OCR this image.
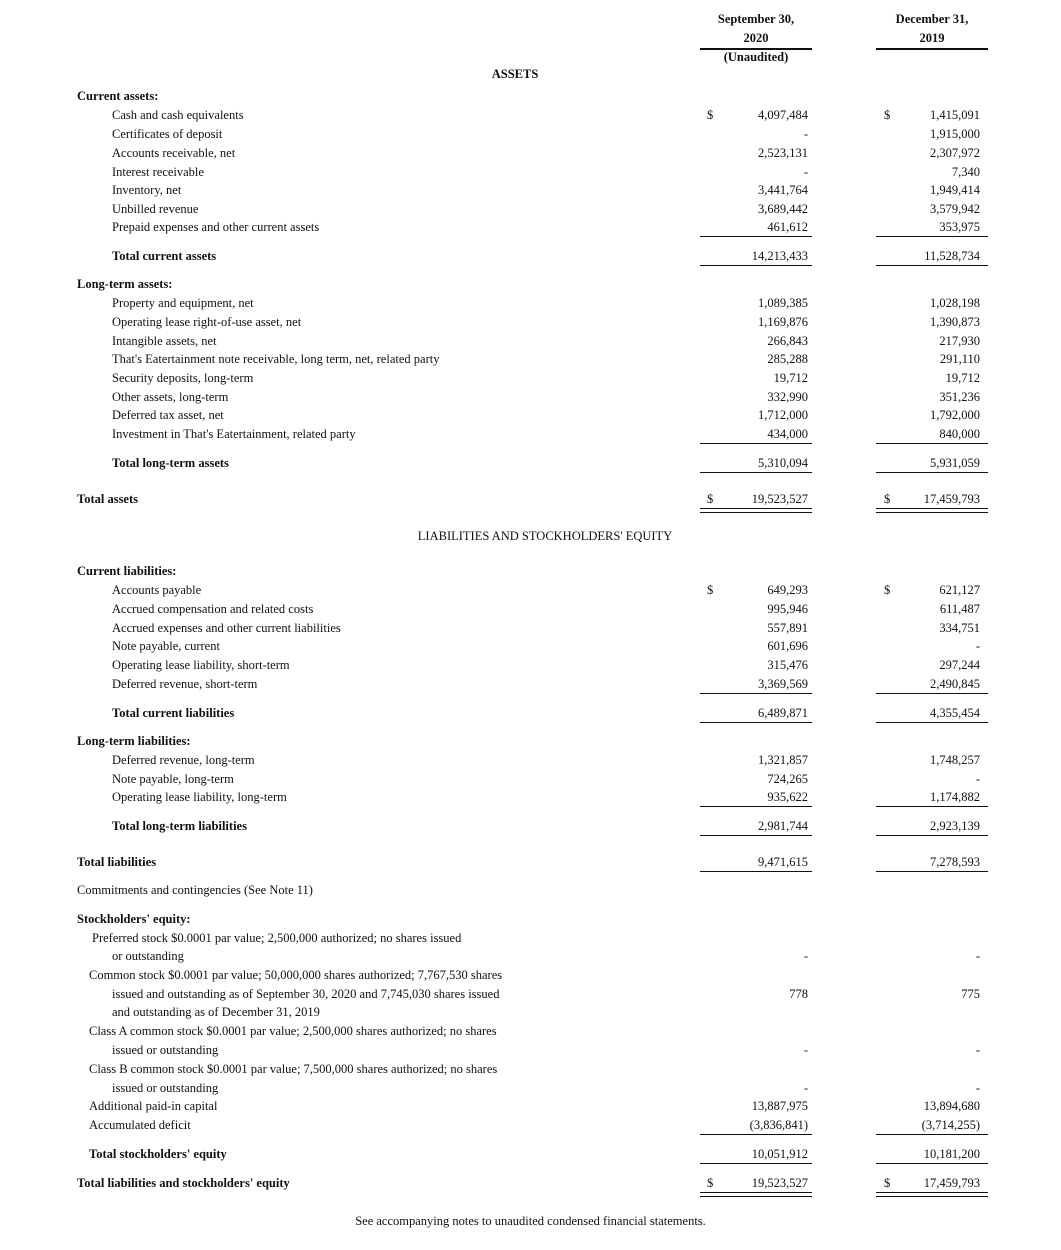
September 30,
2020
(Unaudited)
December 31,
2019
ASSETS
LIABILITIES AND STOCKHOLDERS' EQUITY
Current assets:
Cash and cash equivalents	$	4,097,484	$	1,415,091
Certificates of deposit	-	1,915,000
Accounts receivable, net	2,523,131	2,307,972
Interest receivable	-	7,340
Inventory, net	3,441,764	1,949,414
Unbilled revenue	3,689,442	3,579,942
Prepaid expenses and other current assets	461,612	353,975
Total current assets	14,213,433	11,528,734
Long-term assets:
Property and equipment, net	1,089,385	1,028,198
Operating lease right-of-use asset, net	1,169,876	1,390,873
Intangible assets, net	266,843	217,930
That's Eatertainment note receivable, long term, net, related party	285,288	291,110
Security deposits, long-term	19,712	19,712
Other assets, long-term	332,990	351,236
Deferred tax asset, net	1,712,000	1,792,000
Investment in That's Eatertainment, related party	434,000	840,000
Total long-term assets	5,310,094	5,931,059
Total assets	$	19,523,527	$	17,459,793
Current liabilities:
Accounts payable	$	649,293	$	621,127
Accrued compensation and related costs	995,946	611,487
Accrued expenses and other current liabilities	557,891	334,751
Note payable, current	601,696	-
Operating lease liability, short-term	315,476	297,244
Deferred revenue, short-term	3,369,569	2,490,845
Total current liabilities	6,489,871	4,355,454
Long-term liabilities:
Deferred revenue, long-term	1,321,857	1,748,257
Note payable, long-term	724,265	-
Operating lease liability, long-term	935,622	1,174,882
Total long-term liabilities	2,981,744	2,923,139
Total liabilities	9,471,615	7,278,593
Commitments and contingencies (See Note 11)
Stockholders' equity:
Preferred stock $0.0001 par value; 2,500,000 authorized; no shares issued
or outstanding	-	-
Common stock $0.0001 par value; 50,000,000 shares authorized; 7,767,530 shares
issued and outstanding as of September 30, 2020 and 7,745,030 shares issued	778	775
and outstanding as of December 31, 2019
Class A common stock $0.0001 par value; 2,500,000 shares authorized; no shares
issued or outstanding	-	-
Class B common stock $0.0001 par value; 7,500,000 shares authorized; no shares
issued or outstanding	-	-
Additional paid-in capital	13,887,975	13,894,680
Accumulated deficit	(3,836,841)	(3,714,255)
Total stockholders' equity	10,051,912	10,181,200
Total liabilities and stockholders' equity	$	19,523,527	$	17,459,793
See accompanying notes to unaudited condensed financial statements.
